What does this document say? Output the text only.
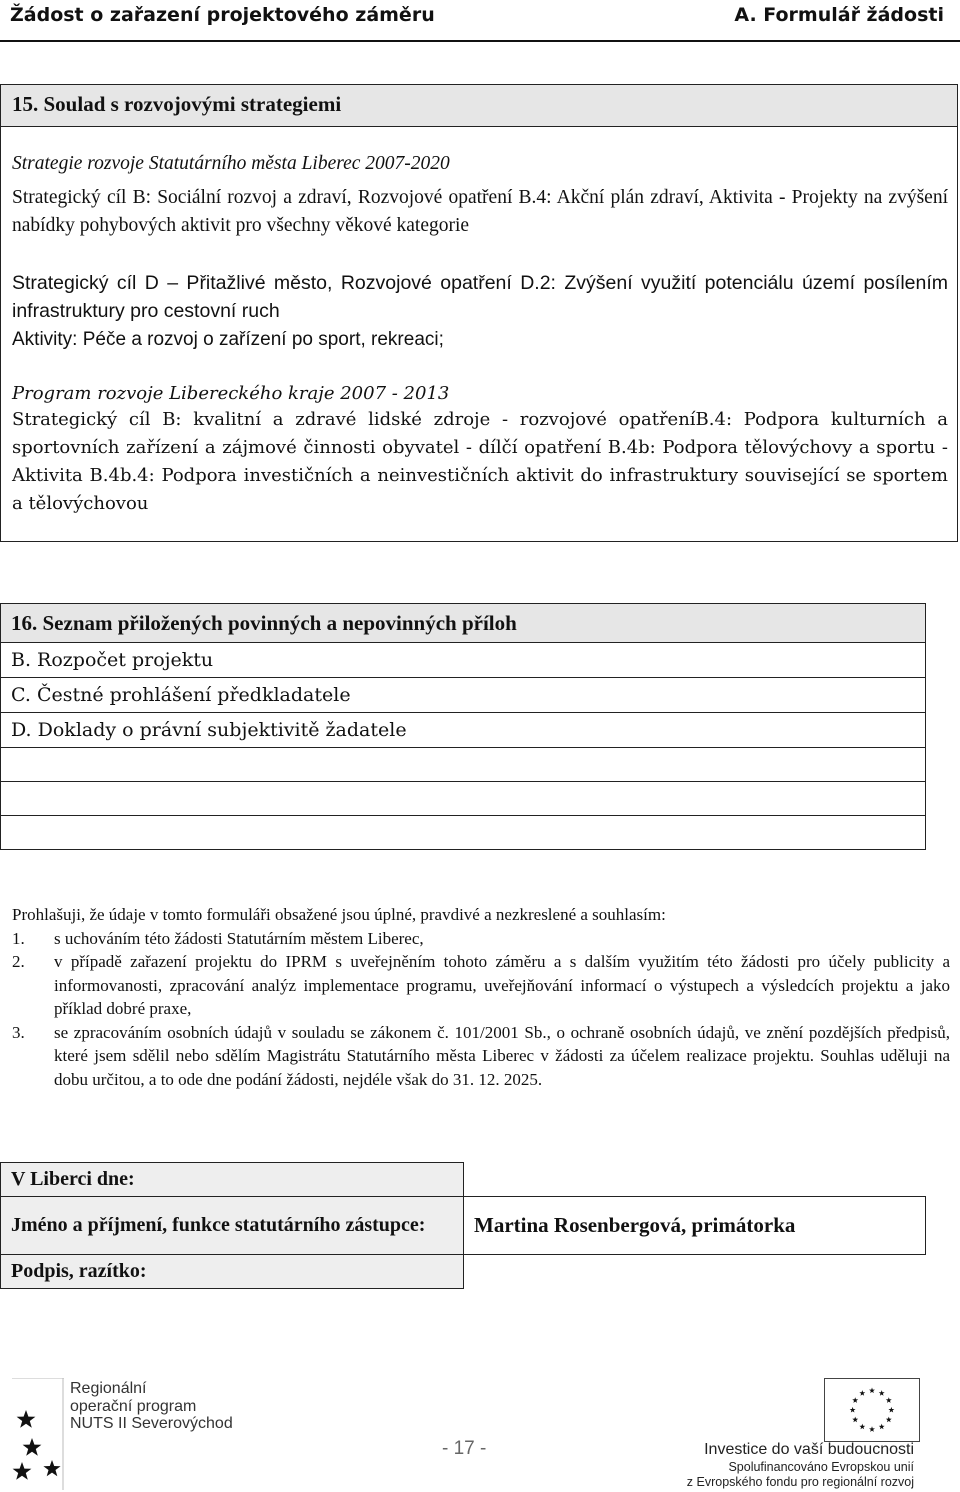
Žádost o zařazení projektového záměru	A. Formulář žádosti
15. Soulad s rozvojovými strategiemi
Strategie rozvoje Statutárního města Liberec 2007-2020
Strategický cíl B: Sociální rozvoj a zdraví, Rozvojové opatření B.4: Akční plán zdraví, Aktivita - Projekty na zvýšení nabídky pohybových aktivit pro všechny věkové kategorie
Strategický cíl D – Přitažlivé město, Rozvojové opatření D.2: Zvýšení využití potenciálu území posílením infrastruktury pro cestovní ruch
Aktivity: Péče a rozvoj o zařízení po sport, rekreaci;
Program rozvoje Libereckého kraje 2007 - 2013
Strategický cíl B: kvalitní a zdravé lidské zdroje - rozvojové opatřeníB.4: Podpora kulturních a sportovních zařízení a zájmové činnosti obyvatel - dílčí opatření B.4b: Podpora tělovýchovy a sportu - Aktivita B.4b.4: Podpora investičních a neinvestičních aktivit do infrastruktury související se sportem a tělovýchovou
16. Seznam přiložených povinných a nepovinných příloh
B. Rozpočet projektu
C. Čestné prohlášení předkladatele
D. Doklady o právní subjektivitě žadatele

Prohlašuji, že údaje v tomto formuláři obsažené jsou úplné, pravdivé a nezkreslené a souhlasím:

1. s uchováním této žádosti Statutárním městem Liberec,
2. v případě zařazení projektu do IPRM s uveřejněním tohoto záměru a s dalším využitím této žádosti pro účely publicity a informovanosti, zpracování analýz implementace programu, uveřejňování informací o výstupech a výsledcích projektu a jako příklad dobré praxe,
3. se zpracováním osobních údajů v souladu se zákonem č. 101/2001 Sb., o ochraně osobních údajů, ve znění pozdějších předpisů, které jsem sdělil nebo sdělím Magistrátu Statutárního města Liberec v žádosti za účelem realizace projektu. Souhlas uděluji na dobu určitou, a to ode dne podání žádosti, nejdéle však do 31. 12. 2025.
V Liberci dne:	
Jméno a příjmení, funkce statutárního zástupce:	Martina Rosenbergová, primátorka
Podpis, razítko:	
Regionální
operační program
NUTS II Severovýchod
- 17 -	Investice do vaší budoucnosti
Spolufinancováno Evropskou unií
z Evropského fondu pro regionální rozvoj
